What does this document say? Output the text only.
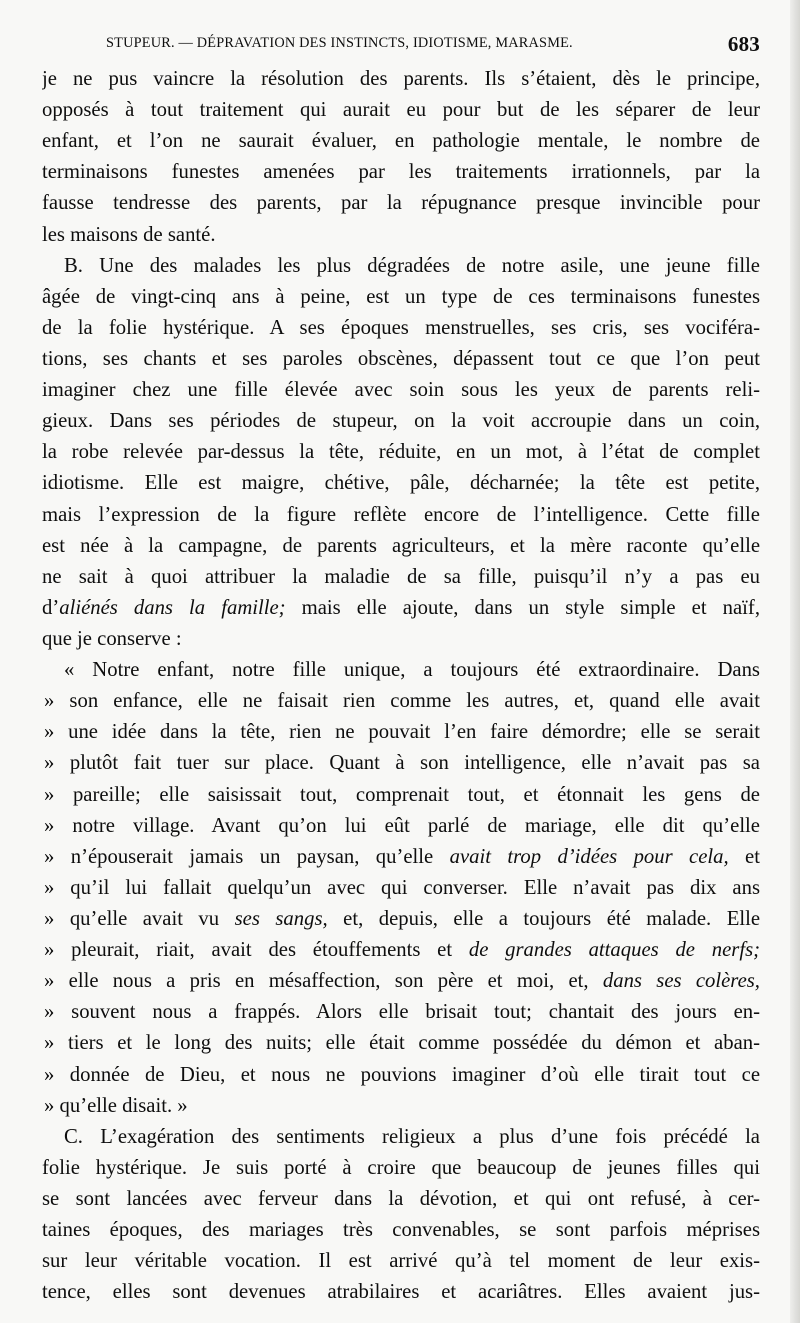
STUPEUR. — DÉPRAVATION DES INSTINCTS, IDIOTISME, MARASME.	683
je ne pus vaincre la résolution des parents. Ils s’étaient, dès le principe,
opposés à tout traitement qui aurait eu pour but de les séparer de leur
enfant, et l’on ne saurait évaluer, en pathologie mentale, le nombre de
terminaisons funestes amenées par les traitements irrationnels, par la
fausse tendresse des parents, par la répugnance presque invincible pour
les maisons de santé.
B. Une des malades les plus dégradées de notre asile, une jeune fille
âgée de vingt-cinq ans à peine, est un type de ces terminaisons funestes
de la folie hystérique. A ses époques menstruelles, ses cris, ses vociféra-
tions, ses chants et ses paroles obscènes, dépassent tout ce que l’on peut
imaginer chez une fille élevée avec soin sous les yeux de parents reli-
gieux. Dans ses périodes de stupeur, on la voit accroupie dans un coin,
la robe relevée par-dessus la tête, réduite, en un mot, à l’état de complet
idiotisme. Elle est maigre, chétive, pâle, décharnée; la tête est petite,
mais l’expression de la figure reflète encore de l’intelligence. Cette fille
est née à la campagne, de parents agriculteurs, et la mère raconte qu’elle
ne sait à quoi attribuer la maladie de sa fille, puisqu’il n’y a pas eu
d’aliénés dans la famille; mais elle ajoute, dans un style simple et naïf,
que je conserve :
« Notre enfant, notre fille unique, a toujours été extraordinaire. Dans
» son enfance, elle ne faisait rien comme les autres, et, quand elle avait
» une idée dans la tête, rien ne pouvait l’en faire démordre; elle se serait
» plutôt fait tuer sur place. Quant à son intelligence, elle n’avait pas sa
» pareille; elle saisissait tout, comprenait tout, et étonnait les gens de
» notre village. Avant qu’on lui eût parlé de mariage, elle dit qu’elle
» n’épouserait jamais un paysan, qu’elle avait trop d’idées pour cela, et
» qu’il lui fallait quelqu’un avec qui converser. Elle n’avait pas dix ans
» qu’elle avait vu ses sangs, et, depuis, elle a toujours été malade. Elle
» pleurait, riait, avait des étouffements et de grandes attaques de nerfs;
» elle nous a pris en mésaffection, son père et moi, et, dans ses colères,
» souvent nous a frappés. Alors elle brisait tout; chantait des jours en-
» tiers et le long des nuits; elle était comme possédée du démon et aban-
» donnée de Dieu, et nous ne pouvions imaginer d’où elle tirait tout ce
» qu’elle disait. »
C. L’exagération des sentiments religieux a plus d’une fois précédé la
folie hystérique. Je suis porté à croire que beaucoup de jeunes filles qui
se sont lancées avec ferveur dans la dévotion, et qui ont refusé, à cer-
taines époques, des mariages très convenables, se sont parfois méprises
sur leur véritable vocation. Il est arrivé qu’à tel moment de leur exis-
tence, elles sont devenues atrabilaires et acariâtres. Elles avaient jus-
